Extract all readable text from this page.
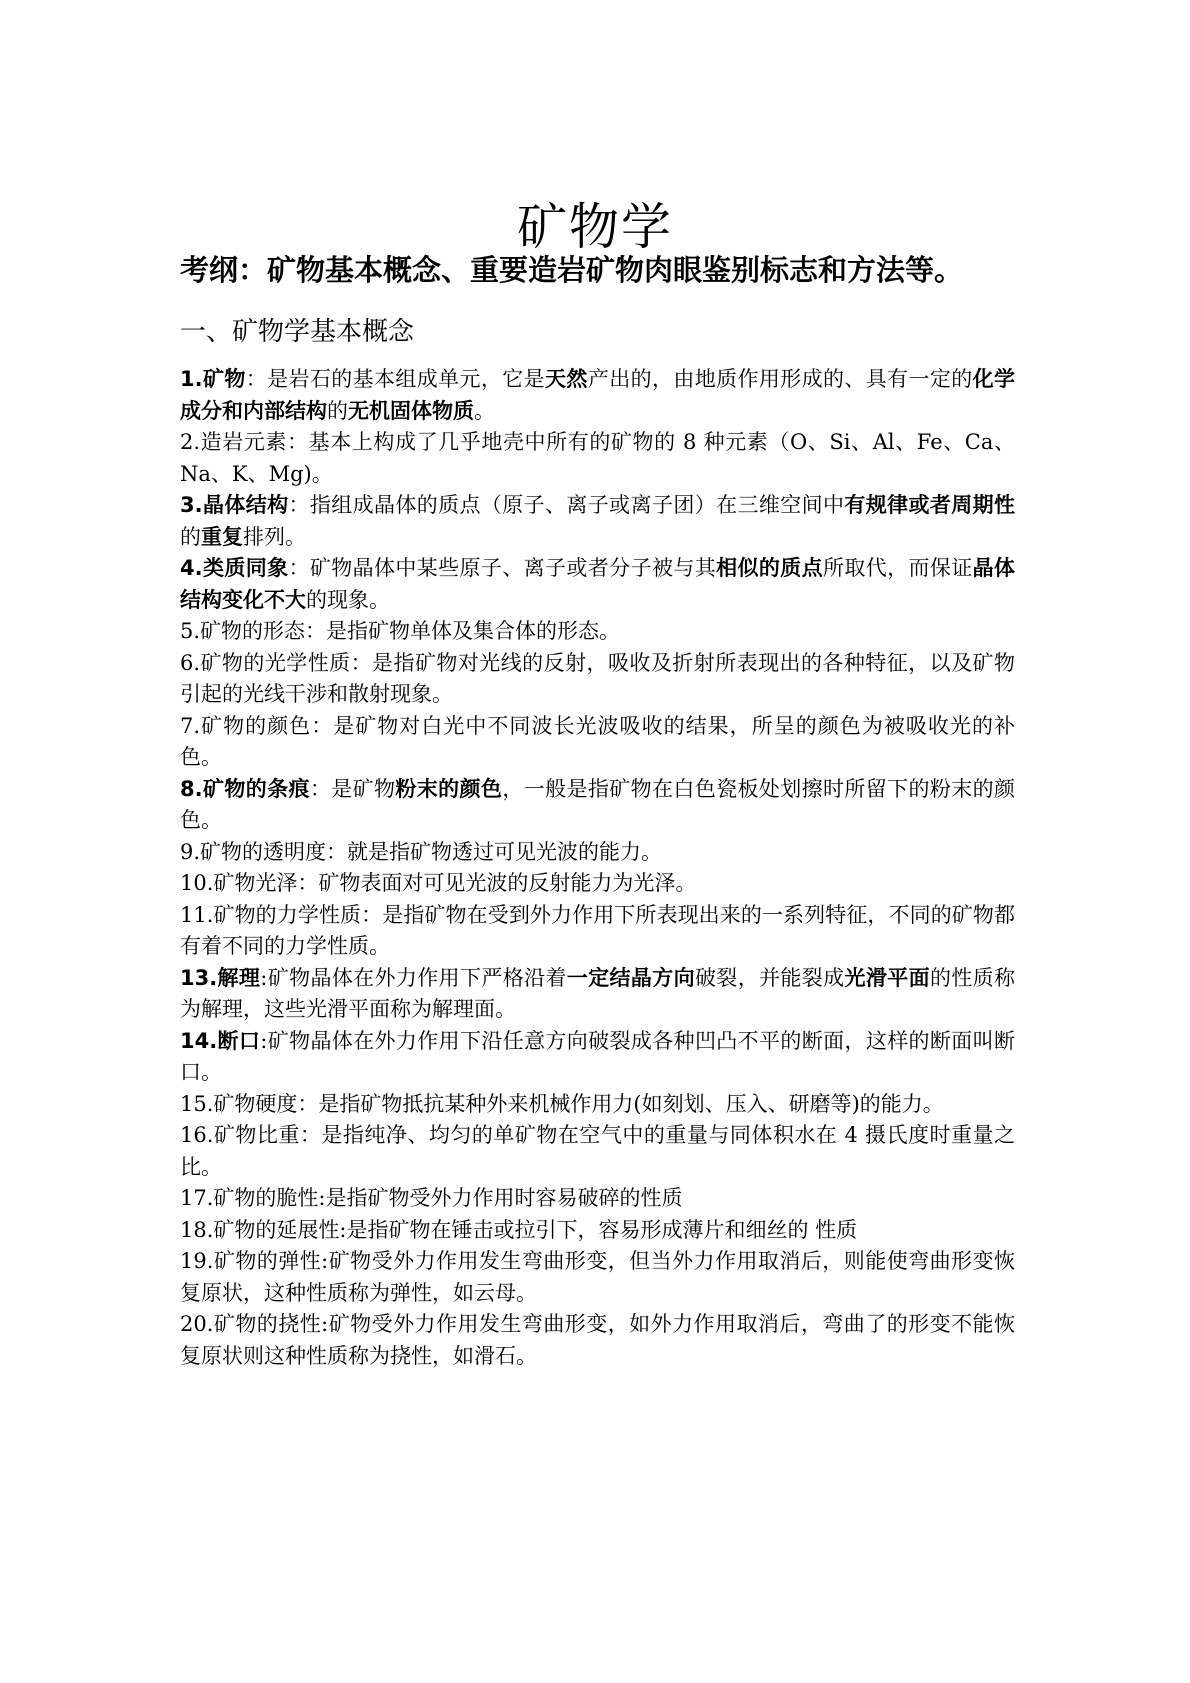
矿物学
考纲：矿物基本概念、重要造岩矿物肉眼鉴别标志和方法等。
一、矿物学基本概念

1.矿物：是岩石的基本组成单元，它是天然产出的，由地质作用形成的、具有一定的化学成分和内部结构的无机固体物质。

2.造岩元素：基本上构成了几乎地壳中所有的矿物的 8 种元素（O、Si、Al、Fe、Ca、Na、K、Mg)。

3.晶体结构：指组成晶体的质点（原子、离子或离子团）在三维空间中有规律或者周期性的重复排列。

4.类质同象：矿物晶体中某些原子、离子或者分子被与其相似的质点所取代，而保证晶体结构变化不大的现象。

5.矿物的形态：是指矿物单体及集合体的形态。

6.矿物的光学性质：是指矿物对光线的反射，吸收及折射所表现出的各种特征，以及矿物引起的光线干涉和散射现象。

7.矿物的颜色：是矿物对白光中不同波长光波吸收的结果，所呈的颜色为被吸收光的补色。

8.矿物的条痕：是矿物粉末的颜色，一般是指矿物在白色瓷板处划擦时所留下的粉末的颜色。

9.矿物的透明度：就是指矿物透过可见光波的能力。

10.矿物光泽：矿物表面对可见光波的反射能力为光泽。

11.矿物的力学性质：是指矿物在受到外力作用下所表现出来的一系列特征，不同的矿物都有着不同的力学性质。

13.解理:矿物晶体在外力作用下严格沿着一定结晶方向破裂，并能裂成光滑平面的性质称为解理，这些光滑平面称为解理面。

14.断口:矿物晶体在外力作用下沿任意方向破裂成各种凹凸不平的断面，这样的断面叫断口。

15.矿物硬度：是指矿物抵抗某种外来机械作用力(如刻划、压入、研磨等)的能力。

16.矿物比重：是指纯净、均匀的单矿物在空气中的重量与同体积水在 4 摄氏度时重量之比。

17.矿物的脆性:是指矿物受外力作用时容易破碎的性质

18.矿物的延展性:是指矿物在锤击或拉引下，容易形成薄片和细丝的 性质

19.矿物的弹性:矿物受外力作用发生弯曲形变，但当外力作用取消后，则能使弯曲形变恢复原状，这种性质称为弹性，如云母。

20.矿物的挠性:矿物受外力作用发生弯曲形变，如外力作用取消后，弯曲了的形变不能恢复原状则这种性质称为挠性，如滑石。
